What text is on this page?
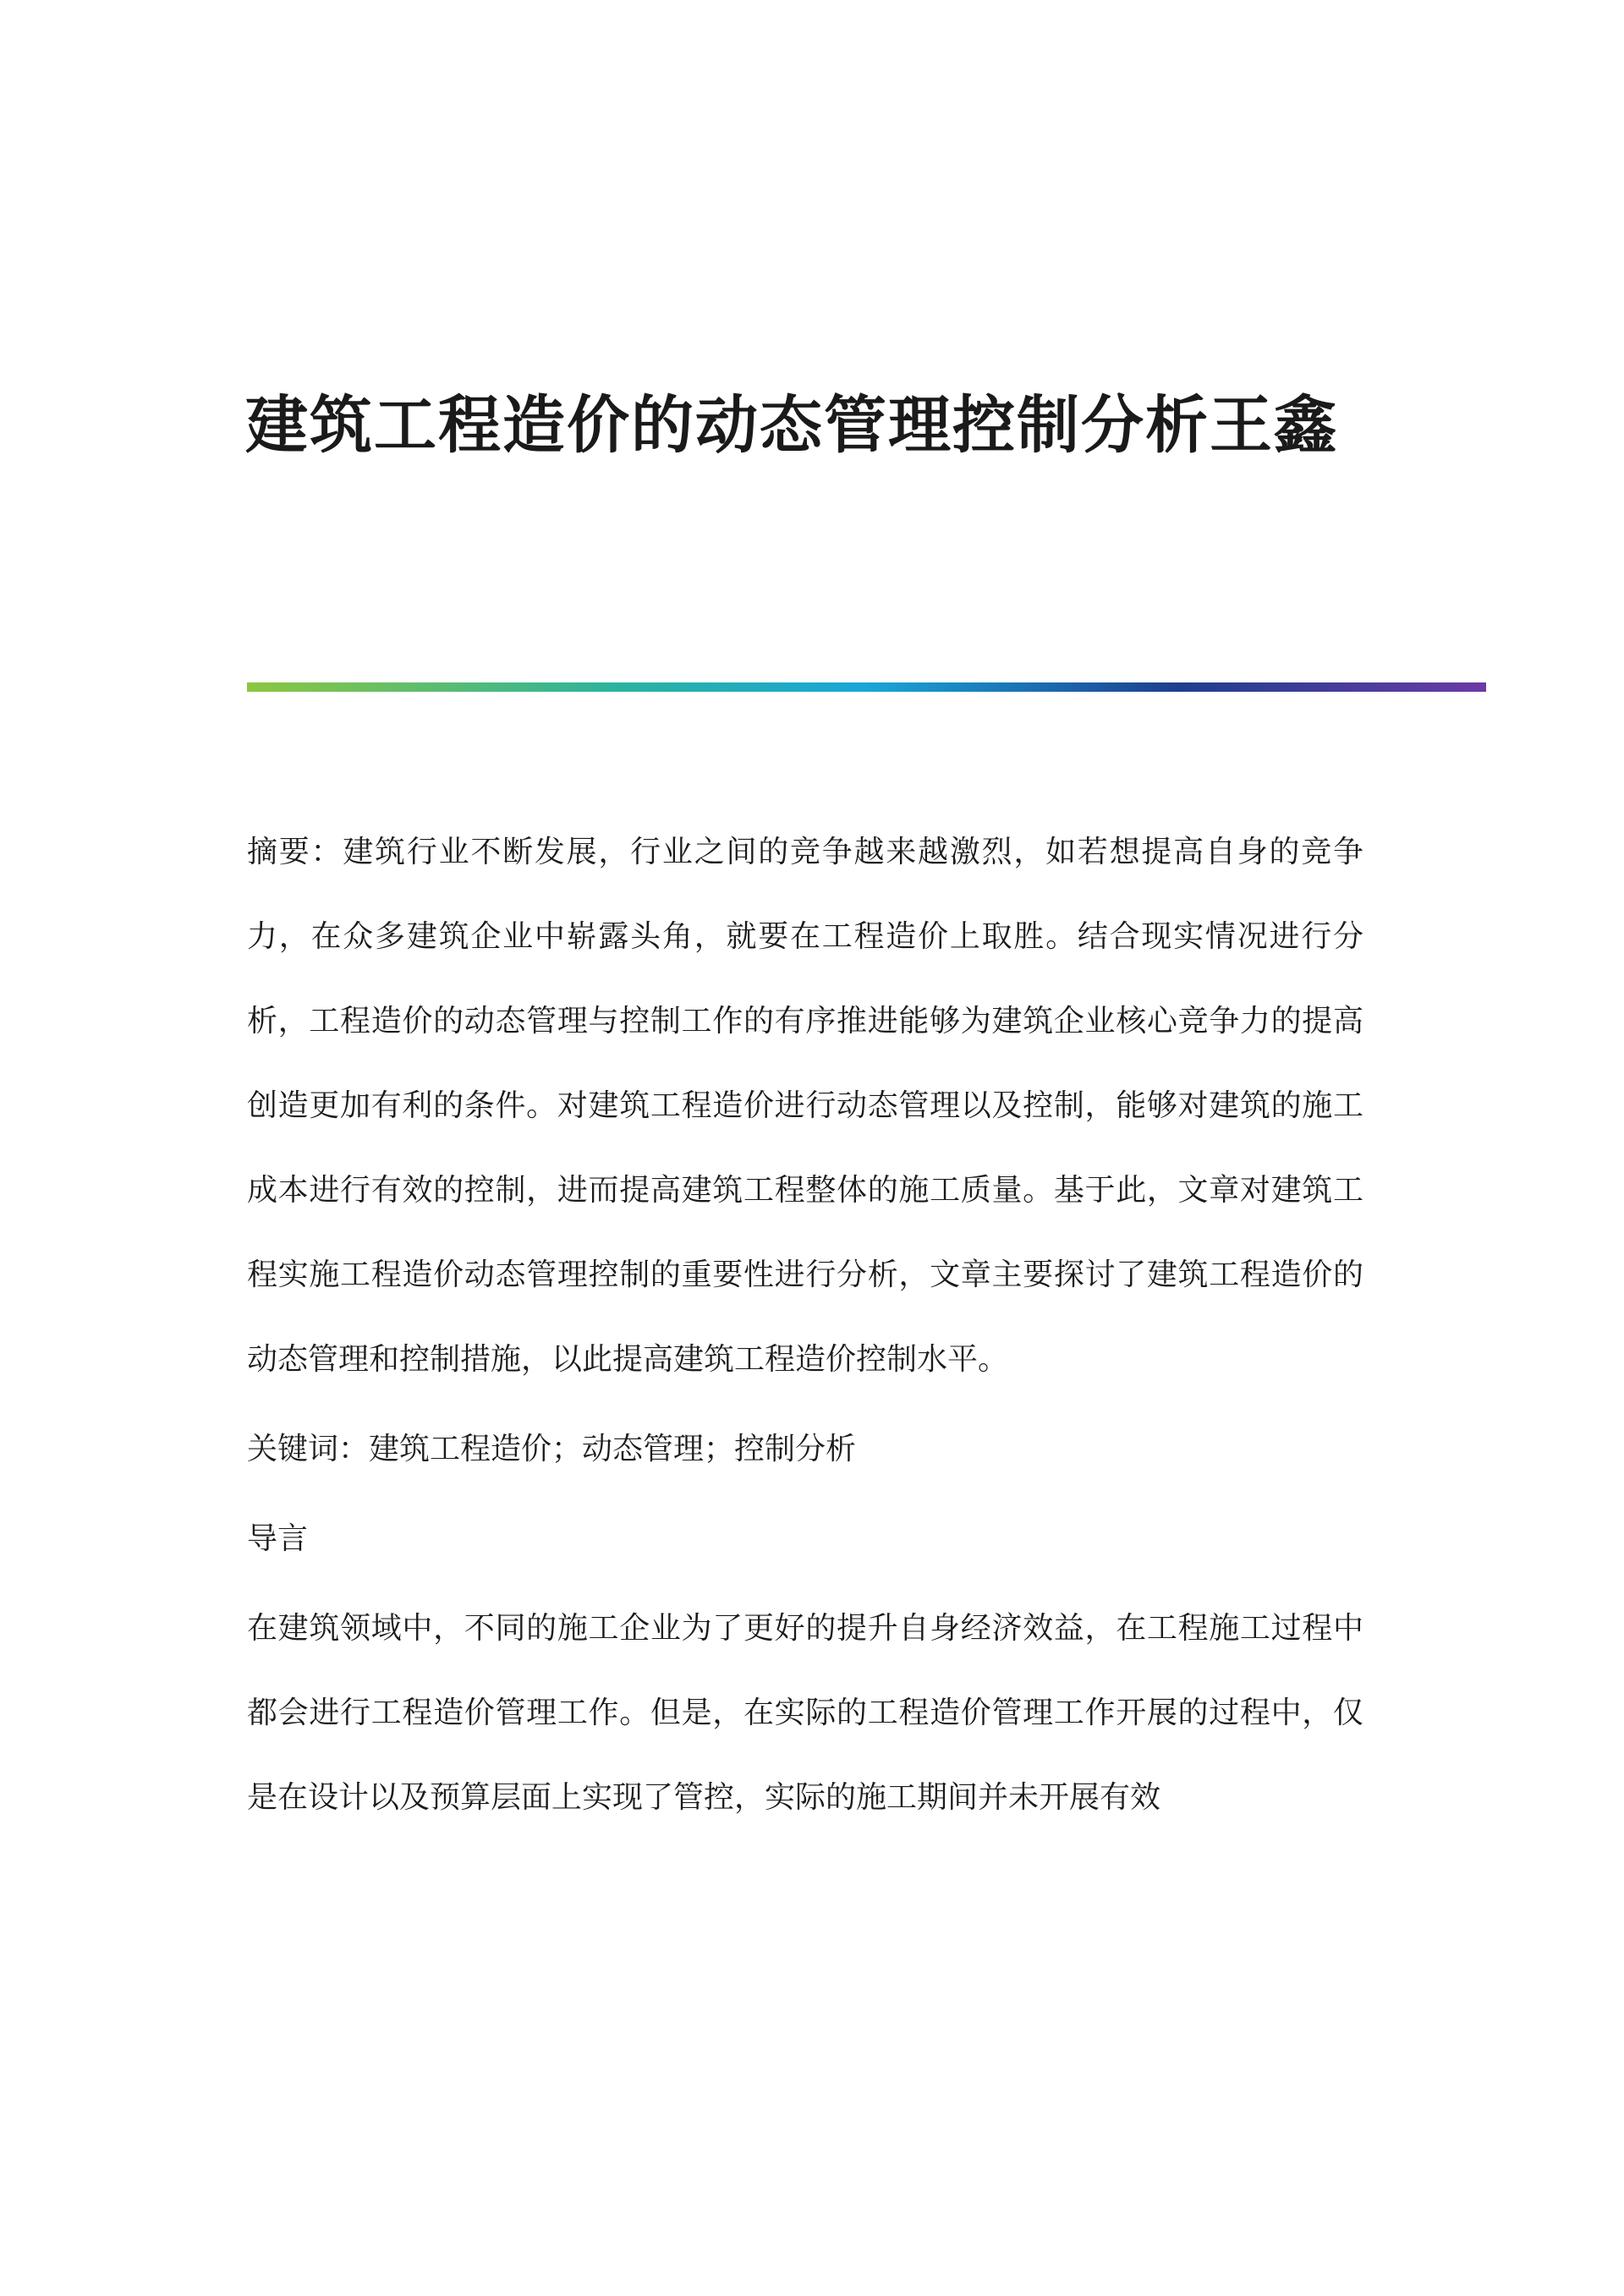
建筑工程造价的动态管理控制分析王鑫

摘要：建筑行业不断发展，行业之间的竞争越来越激烈，如若想提高自身的竞争力，在众多建筑企业中崭露头角，就要在工程造价上取胜。结合现实情况进行分析，工程造价的动态管理与控制工作的有序推进能够为建筑企业核心竞争力的提高创造更加有利的条件。对建筑工程造价进行动态管理以及控制，能够对建筑的施工成本进行有效的控制，进而提高建筑工程整体的施工质量。基于此，文章对建筑工程实施工程造价动态管理控制的重要性进行分析，文章主要探讨了建筑工程造价的动态管理和控制措施，以此提高建筑工程造价控制水平。

关键词：建筑工程造价；动态管理；控制分析

导言

在建筑领域中，不同的施工企业为了更好的提升自身经济效益，在工程施工过程中都会进行工程造价管理工作。但是，在实际的工程造价管理工作开展的过程中，仅是在设计以及预算层面上实现了管控，实际的施工期间并未开展有效
